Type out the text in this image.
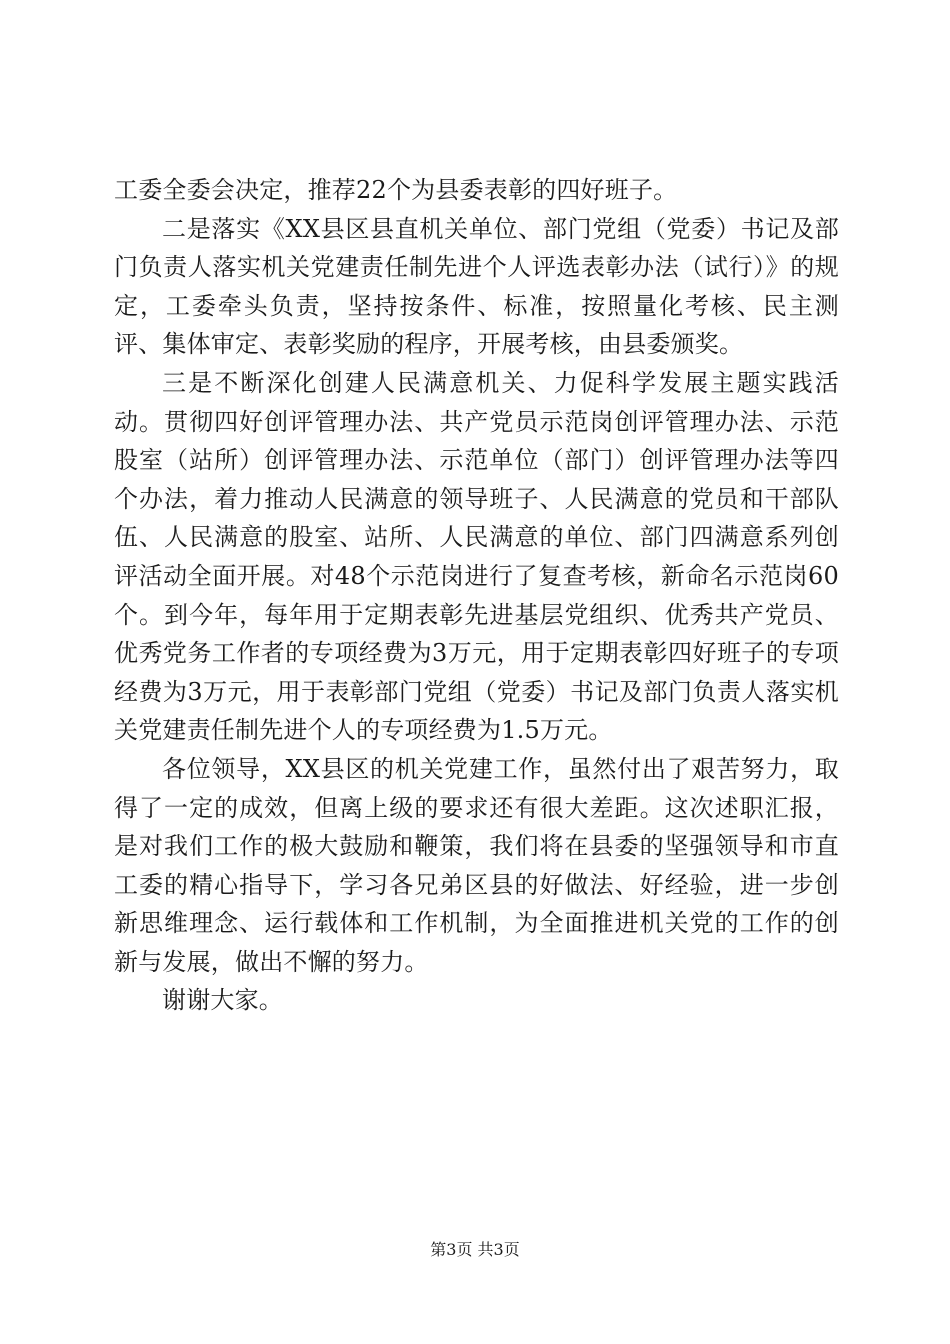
工委全委会决定，推荐22个为县委表彰的四好班子。

二是落实《XX县区县直机关单位、部门党组（党委）书记及部门负责人落实机关党建责任制先进个人评选表彰办法（试行）》的规定，工委牵头负责，坚持按条件、标准，按照量化考核、民主测评、集体审定、表彰奖励的程序，开展考核，由县委颁奖。

三是不断深化创建人民满意机关、力促科学发展主题实践活动。贯彻四好创评管理办法、共产党员示范岗创评管理办法、示范股室（站所）创评管理办法、示范单位（部门）创评管理办法等四个办法，着力推动人民满意的领导班子、人民满意的党员和干部队伍、人民满意的股室、站所、人民满意的单位、部门四满意系列创评活动全面开展。对48个示范岗进行了复查考核，新命名示范岗60个。到今年，每年用于定期表彰先进基层党组织、优秀共产党员、优秀党务工作者的专项经费为3万元，用于定期表彰四好班子的专项经费为3万元，用于表彰部门党组（党委）书记及部门负责人落实机关党建责任制先进个人的专项经费为1.5万元。

各位领导，XX县区的机关党建工作，虽然付出了艰苦努力，取得了一定的成效，但离上级的要求还有很大差距。这次述职汇报，是对我们工作的极大鼓励和鞭策，我们将在县委的坚强领导和市直工委的精心指导下，学习各兄弟区县的好做法、好经验，进一步创新思维理念、运行载体和工作机制，为全面推进机关党的工作的创新与发展，做出不懈的努力。

谢谢大家。

第3页 共3页
